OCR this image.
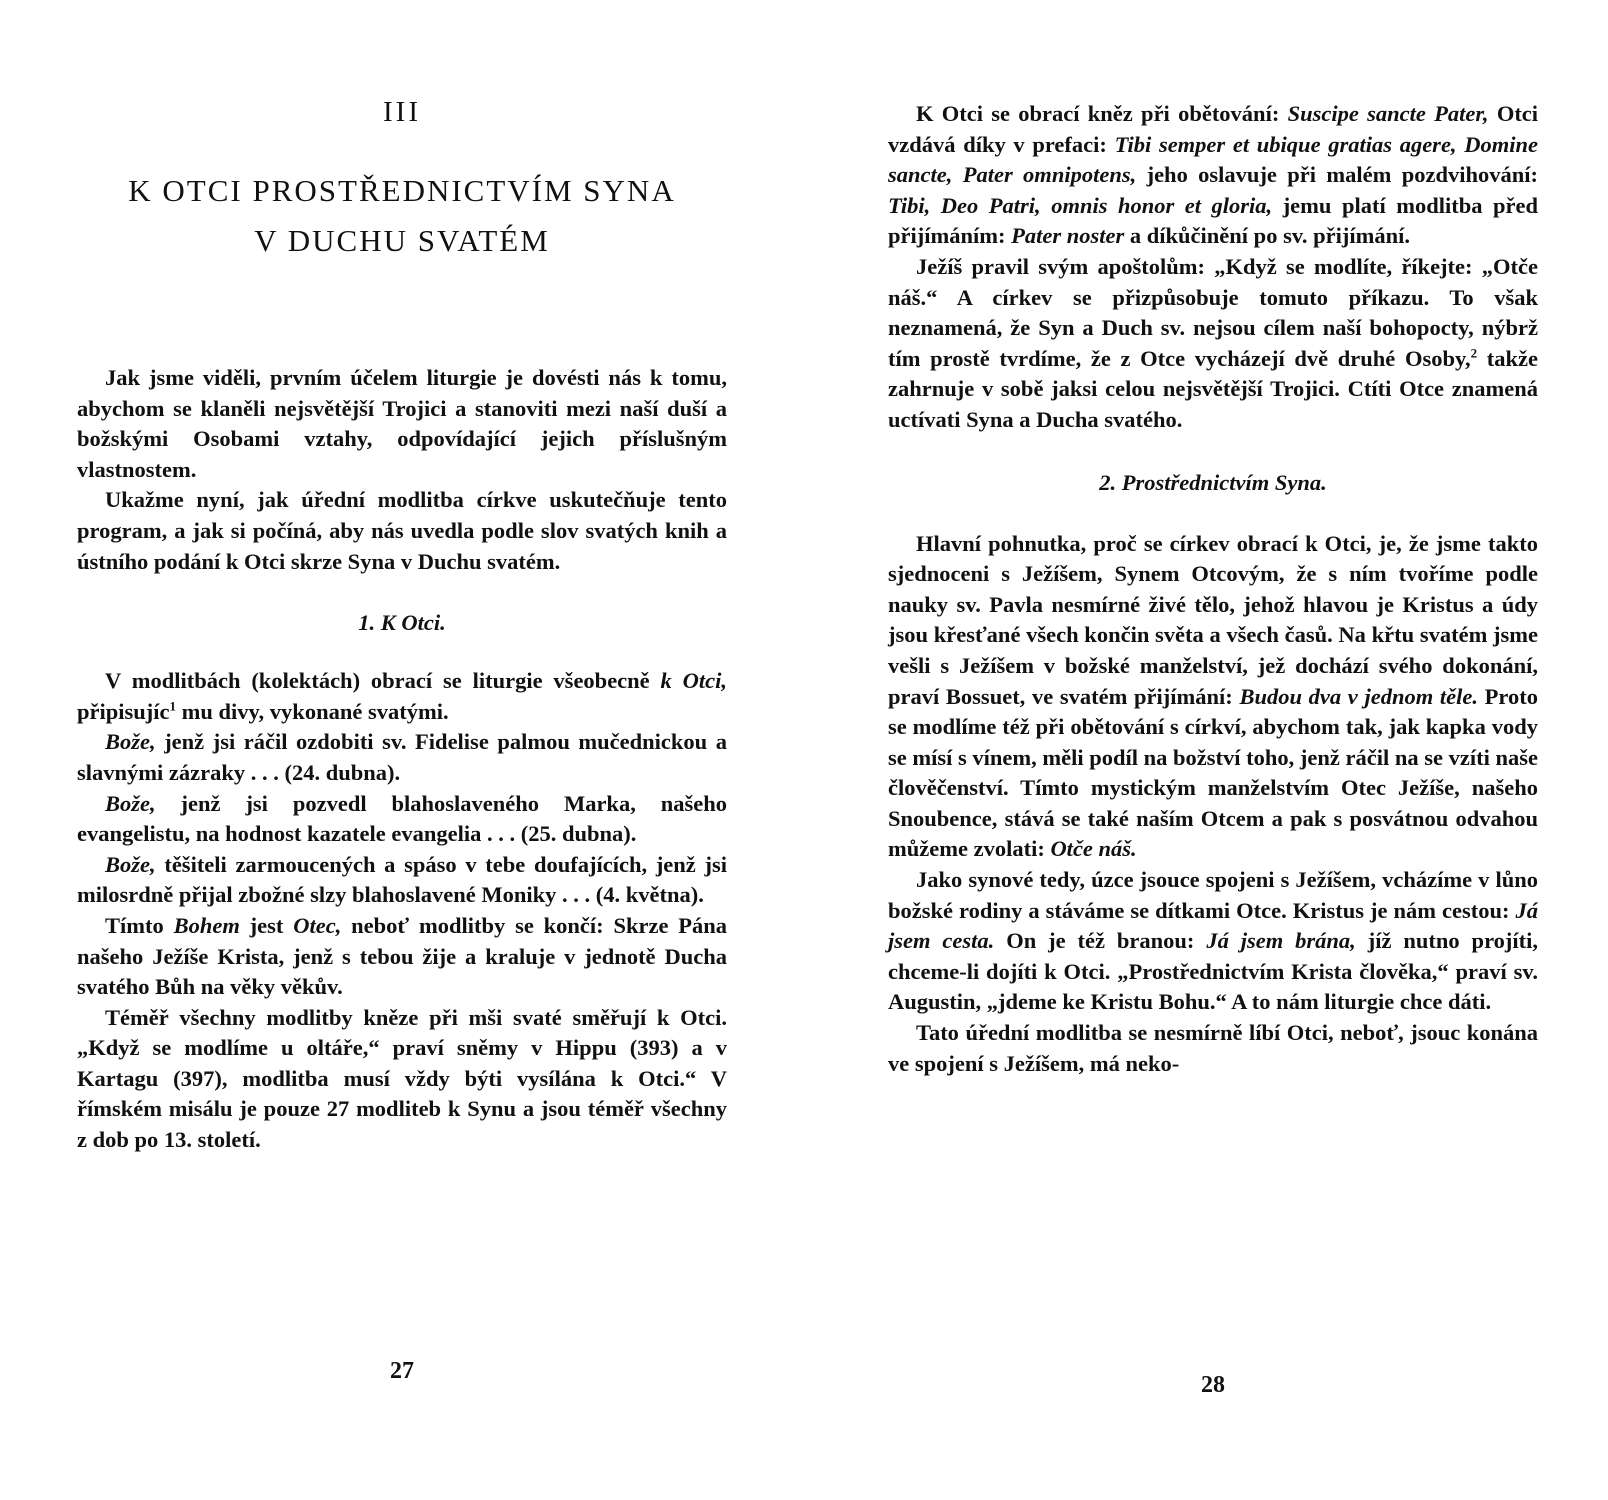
III
K OTCI PROSTŘEDNICTVÍM SYNA
V DUCHU SVATÉM

Jak jsme viděli, prvním účelem liturgie je dovésti nás k tomu, abychom se klaněli nejsvětější Trojici a stanoviti mezi naší duší a božskými Osobami vztahy, odpovídající jejich příslušným vlastnostem.

Ukažme nyní, jak úřední modlitba církve uskutečňuje tento program, a jak si počíná, aby nás uvedla podle slov svatých knih a ústního podání k Otci skrze Syna v Duchu svatém.

1. K Otci.

V modlitbách (kolektách) obrací se liturgie všeobecně k Otci, připisujíc$^1$ mu divy, vykonané svatými.

Bože, jenž jsi ráčil ozdobiti sv. Fidelise palmou mučednickou a slavnými zázraky . . . (24. dubna).

Bože, jenž jsi pozvedl blahoslaveného Marka, našeho evangelistu, na hodnost kazatele evangelia . . . (25. dubna).

Bože, těšiteli zarmoucených a spáso v tebe doufajících, jenž jsi milosrdně přijal zbožné slzy blahoslavené Moniky . . . (4. května).

Tímto Bohem jest Otec, neboť modlitby se končí: Skrze Pána našeho Ježíše Krista, jenž s tebou žije a kraluje v jednotě Ducha svatého Bůh na věky věkův.

Téměř všechny modlitby kněze při mši svaté směřují k Otci. „Když se modlíme u oltáře,“ praví sněmy v Hippu (393) a v Kartagu (397), modlitba musí vždy býti vysílána k Otci.“ V římském misálu je pouze 27 modliteb k Synu a jsou téměř všechny z dob po 13. století.

27

K Otci se obrací kněz při obětování: Suscipe sancte Pater, Otci vzdává díky v prefaci: Tibi semper et ubique gratias agere, Domine sancte, Pater omnipotens, jeho oslavuje při malém pozdvihování: Tibi, Deo Patri, omnis honor et gloria, jemu platí modlitba před přijímáním: Pater noster a díkůčinění po sv. přijímání.

Ježíš pravil svým apoštolům: „Když se modlíte, říkejte: „Otče náš.“ A církev se přizpůsobuje tomuto příkazu. To však neznamená, že Syn a Duch sv. nejsou cílem naší bohopocty, nýbrž tím prostě tvrdíme, že z Otce vycházejí dvě druhé Osoby,$^2$ takže zahrnuje v sobě jaksi celou nejsvětější Trojici. Ctíti Otce znamená uctívati Syna a Ducha svatého.

2. Prostřednictvím Syna.

Hlavní pohnutka, proč se církev obrací k Otci, je, že jsme takto sjednoceni s Ježíšem, Synem Otcovým, že s ním tvoříme podle nauky sv. Pavla nesmírné živé tělo, jehož hlavou je Kristus a údy jsou křesťané všech končin světa a všech časů. Na křtu svatém jsme vešli s Ježíšem v božské manželství, jež dochází svého dokonání, praví Bossuet, ve svatém přijímání: Budou dva v jednom těle. Proto se modlíme též při obětování s církví, abychom tak, jak kapka vody se mísí s vínem, měli podíl na božství toho, jenž ráčil na se vzíti naše člověčenství. Tímto mystickým manželstvím Otec Ježíše, našeho Snoubence, stává se také naším Otcem a pak s posvátnou odvahou můžeme zvolati: Otče náš.

Jako synové tedy, úzce jsouce spojeni s Ježíšem, vcházíme v lůno božské rodiny a stáváme se dítkami Otce. Kristus je nám cestou: Já jsem cesta. On je též branou: Já jsem brána, jíž nutno projíti, chceme-li dojíti k Otci. „Prostřednictvím Krista člověka,“ praví sv. Augustin, „jdeme ke Kristu Bohu.“ A to nám liturgie chce dáti.

Tato úřední modlitba se nesmírně líbí Otci, neboť, jsouc konána ve spojení s Ježíšem, má neko-

28
